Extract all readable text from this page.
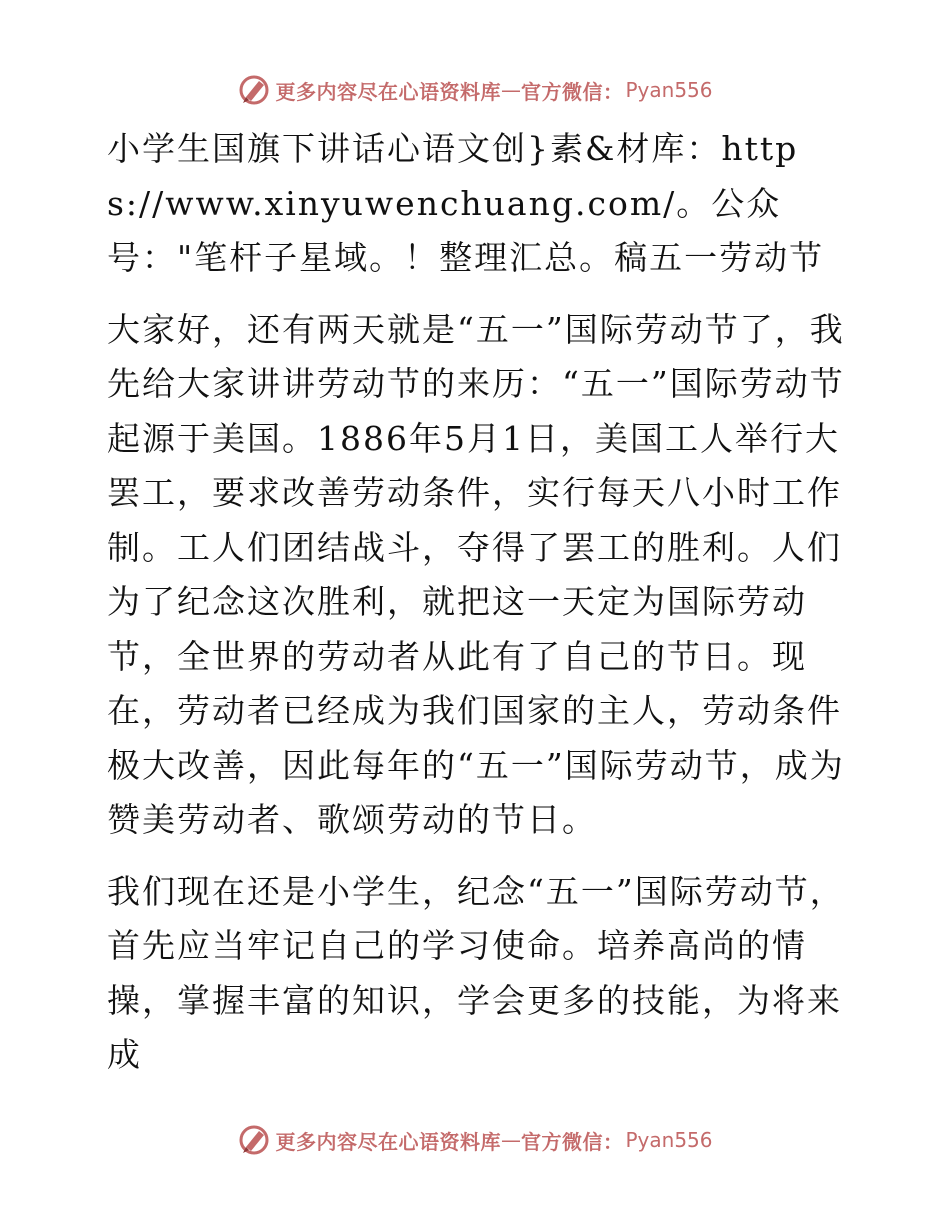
更多内容尽在心语资料库 — 官方微信： Pyan556

小学生国旗下讲话心语文创}素&材库：https://www.xinyuwenchuang.com/。公众号："笔杆子星域。！整理汇总。稿五一劳动节

大家好，还有两天就是“五一”国际劳动节了，我先给大家讲讲劳动节的来历：“五一”国际劳动节起源于美国。1886年5月1日，美国工人举行大罢工，要求改善劳动条件，实行每天八小时工作制。工人们团结战斗，夺得了罢工的胜利。人们为了纪念这次胜利，就把这一天定为国际劳动节，全世界的劳动者从此有了自己的节日。现在，劳动者已经成为我们国家的主人，劳动条件极大改善，因此每年的“五一”国际劳动节，成为赞美劳动者、歌颂劳动的节日。

我们现在还是小学生，纪念“五一”国际劳动节，首先应当牢记自己的学习使命。培养高尚的情操，掌握丰富的知识，学会更多的技能，为将来成

更多内容尽在心语资料库 — 官方微信： Pyan556
